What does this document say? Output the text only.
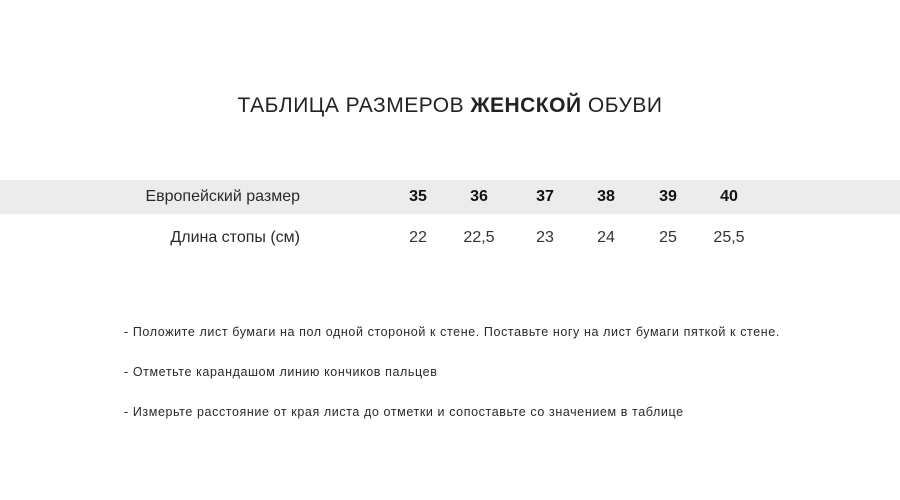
ТАБЛИЦА РАЗМЕРОВ ЖЕНСКОЙ ОБУВИ
Европейский размер	35	36	37	38	39	40
Длина стопы (см)	22	22,5	23	24	25	25,5
- Положите лист бумаги на пол одной стороной к стене. Поставьте ногу на лист бумаги пяткой к стене.
- Отметьте карандашом линию кончиков пальцев
- Измерьте расстояние от края листа до отметки и сопоставьте со значением в таблице
